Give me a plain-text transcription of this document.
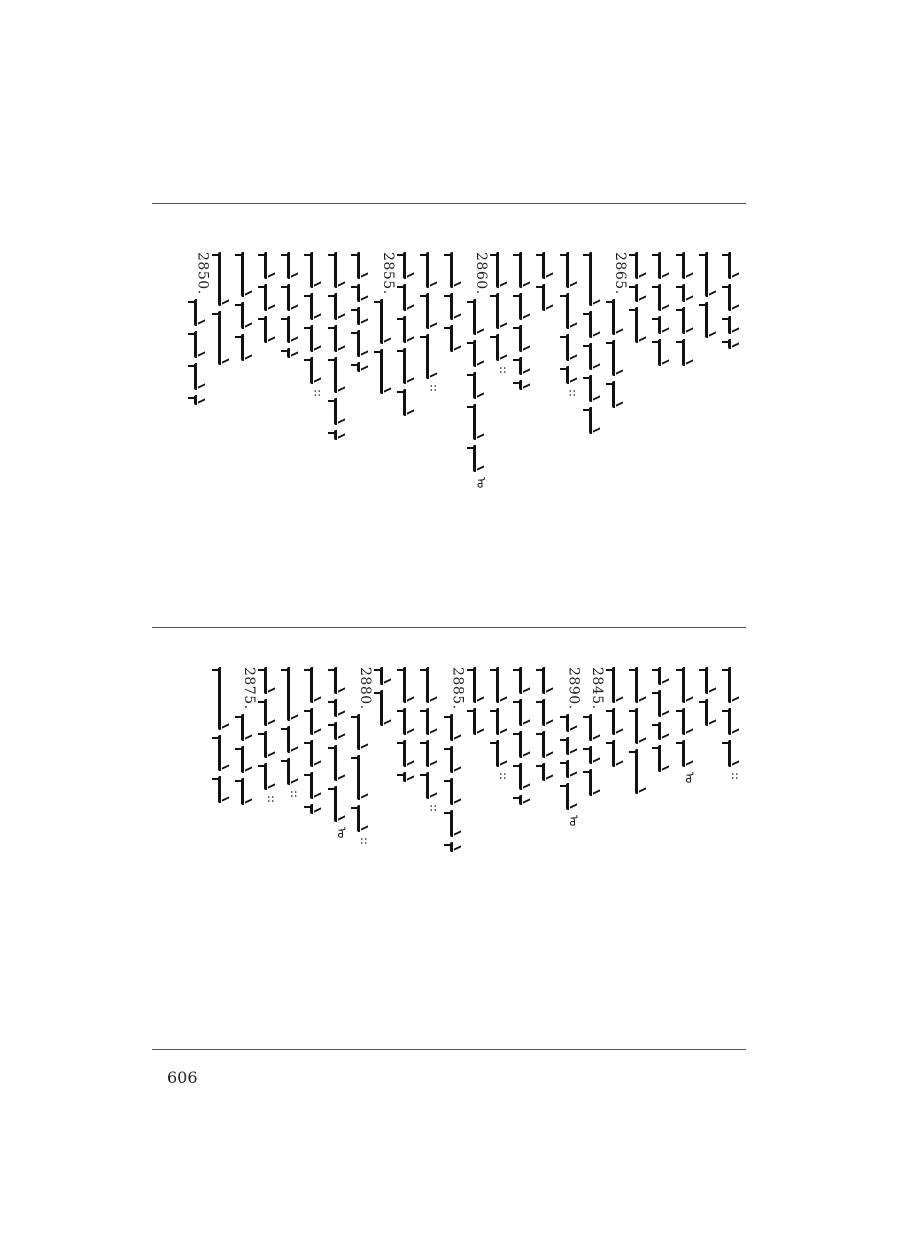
2865.
::
::
2860.
ᠣ
::
2855.
::
2850.
::
ᠣ
2845.
2890.
ᠣ
::
2885.
::
2880.
::
ᠣ
::
::
2875.
606
